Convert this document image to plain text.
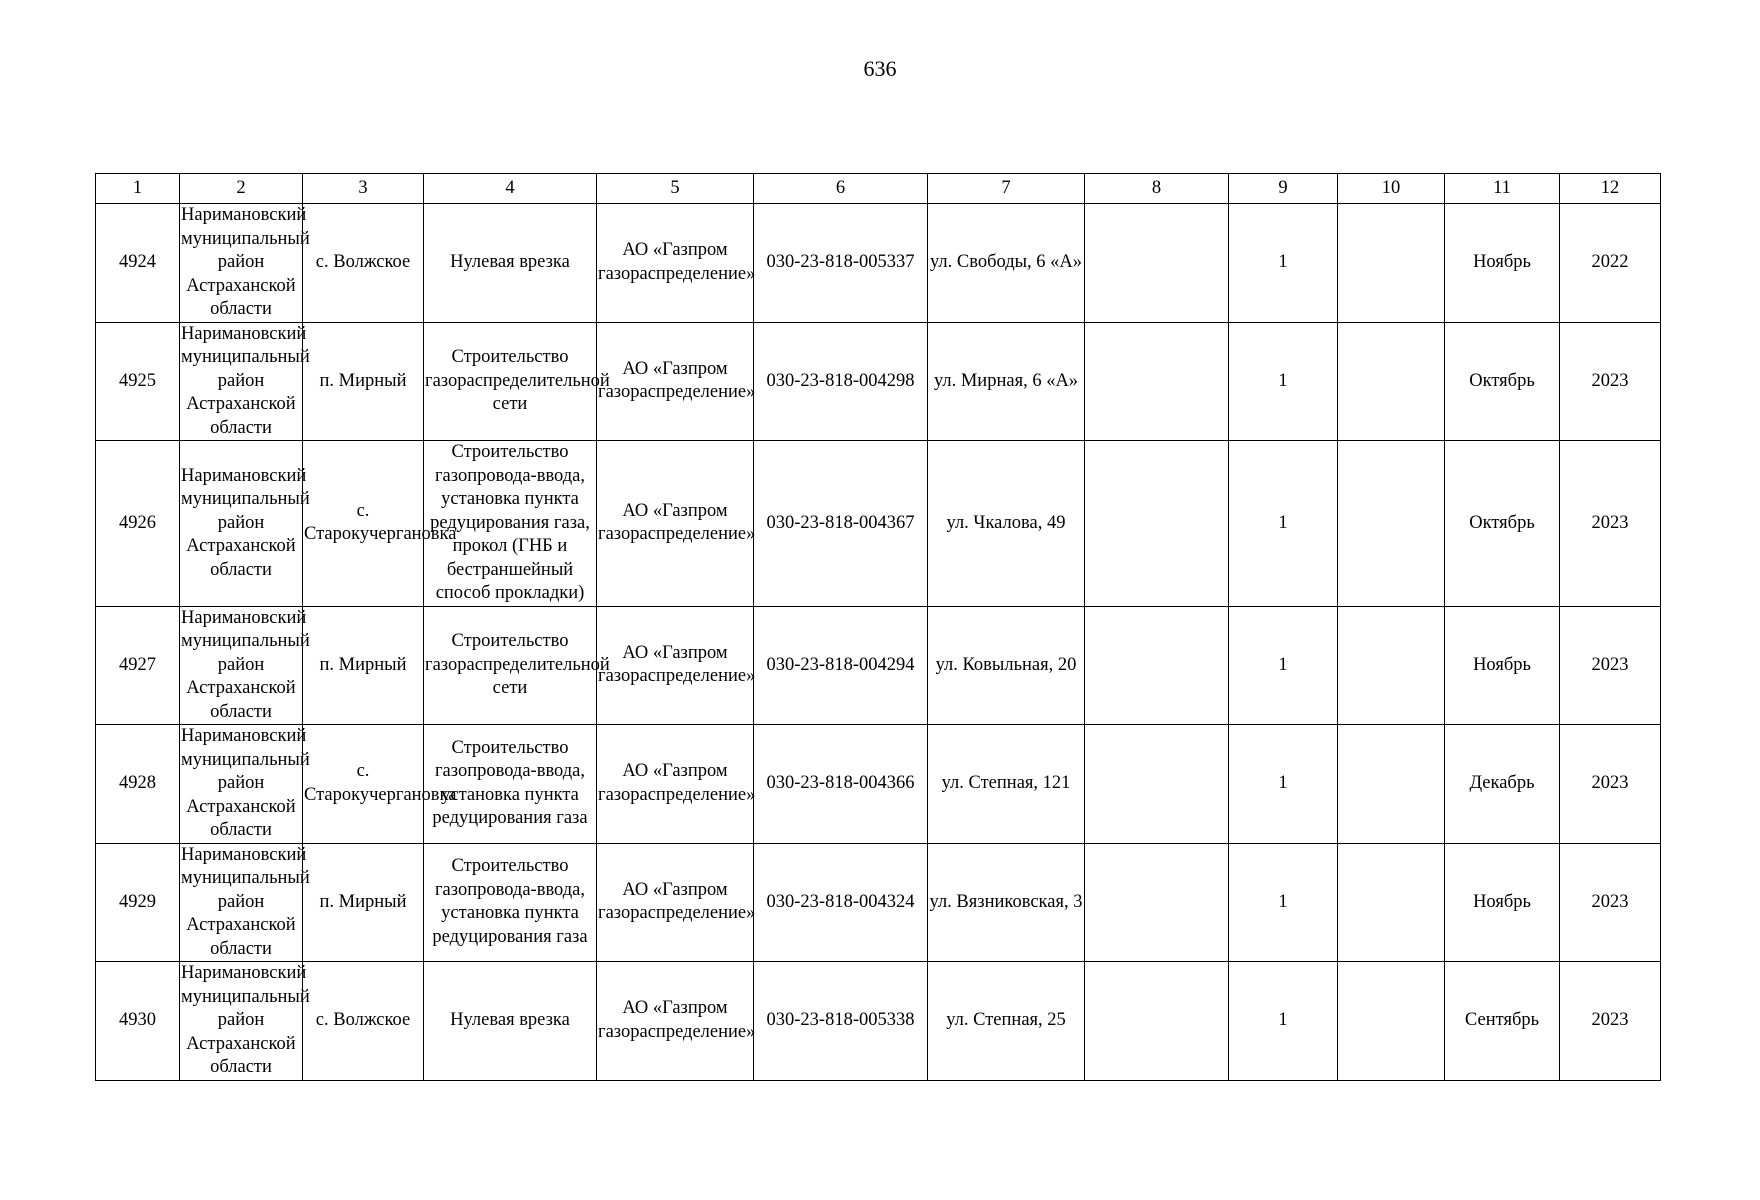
636
1	2	3	4	5	6	7	8	9	10	11	12
4924	Наримановский муниципальный район Астраханской области	с. Волжское	Нулевая врезка	АО «Газпром газораспределение»	030-23-818-005337	ул. Свободы, 6 «А»		1		Ноябрь	2022
4925	Наримановский муниципальный район Астраханской области	п. Мирный	Строительство газораспределительной сети	АО «Газпром газораспределение»	030-23-818-004298	ул. Мирная, 6 «А»		1		Октябрь	2023
4926	Наримановский муниципальный район Астраханской области	с. Старокучергановка	Строительство газопровода-ввода, установка пункта редуцирования газа, прокол (ГНБ и бестраншейный способ прокладки)	АО «Газпром газораспределение»	030-23-818-004367	ул. Чкалова, 49		1		Октябрь	2023
4927	Наримановский муниципальный район Астраханской области	п. Мирный	Строительство газораспределительной сети	АО «Газпром газораспределение»	030-23-818-004294	ул. Ковыльная, 20		1		Ноябрь	2023
4928	Наримановский муниципальный район Астраханской области	с. Старокучергановка	Строительство газопровода-ввода, установка пункта редуцирования газа	АО «Газпром газораспределение»	030-23-818-004366	ул. Степная, 121		1		Декабрь	2023
4929	Наримановский муниципальный район Астраханской области	п. Мирный	Строительство газопровода-ввода, установка пункта редуцирования газа	АО «Газпром газораспределение»	030-23-818-004324	ул. Вязниковская, 3		1		Ноябрь	2023
4930	Наримановский муниципальный район Астраханской области	с. Волжское	Нулевая врезка	АО «Газпром газораспределение»	030-23-818-005338	ул. Степная, 25		1		Сентябрь	2023
